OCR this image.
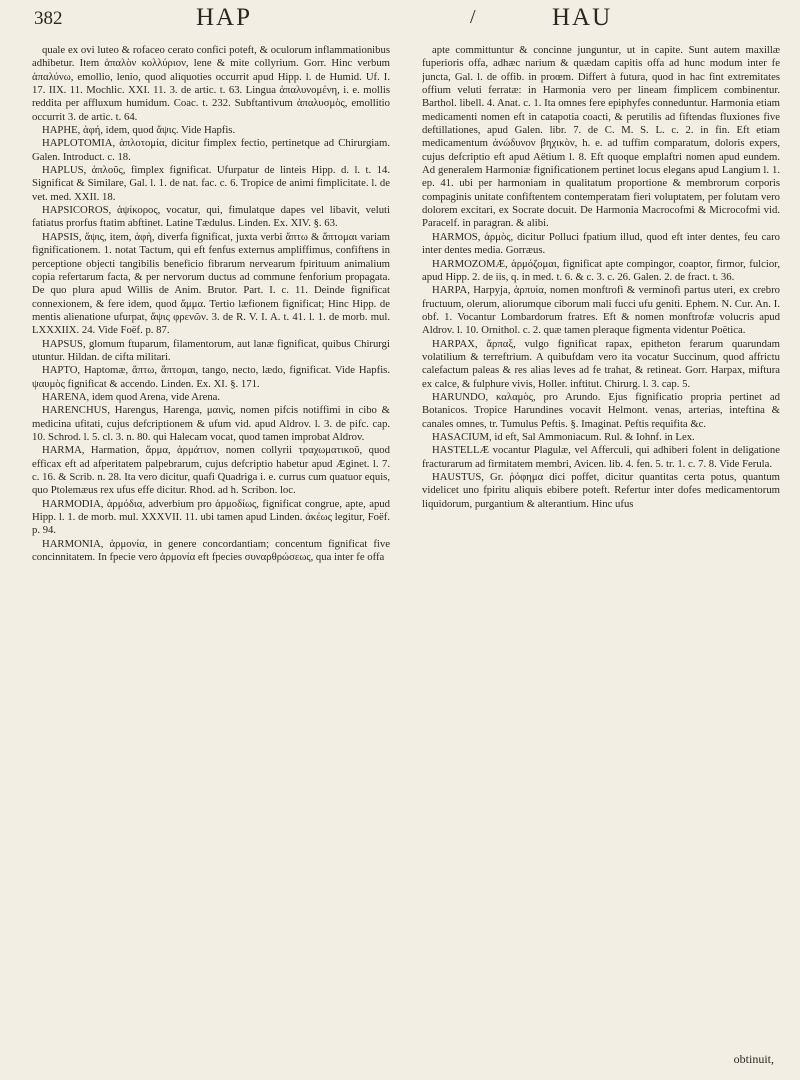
382	HAP	/	HAU

quale ex ovi luteo & rofaceo cerato confici poteft, & oculorum inflammationibus adhibetur. Item ἁπαλὸν κολλύριον, lene & mite collyrium. Gorr. Hinc verbum ἁπαλύνω, emollio, lenio, quod aliquoties occurrit apud Hipp. l. de Humid. Uf. I. 17. IIX. 11. Mochlic. XXI. 11. 3. de artic. t. 63. Lingua ἁπαλυνομένη, i. e. mollis reddita per affluxum humidum. Coac. t. 232. Subftantivum ἁπαλυσμὸς, emollitio occurrit 3. de artic. t. 64.

HAPHE, ἁφή, idem, quod ἅψις. Vide Hapfis.

HAPLOTOMIA, ἁπλοτομία, dicitur fimplex fectio, pertinetque ad Chirurgiam. Galen. Introduct. c. 18.

HAPLUS, ἁπλοῦς, fimplex fignificat. Ufurpatur de linteis Hipp. d. l. t. 14. Significat & Similare, Gal. l. 1. de nat. fac. c. 6. Tropice de animi fimplicitate. l. de vet. med. XXII. 18.

HAPSICOROS, ἁψίκορος, vocatur, qui, fimulatque dapes vel libavit, veluti fatiatus prorfus ftatim abftinet. Latine Tædulus. Linden. Ex. XIV. §. 63.

HAPSIS, ἅψις, item, ἁφὴ, diverfa fignificat, juxta verbi ἅπτω & ἅπτομαι variam fignificationem. 1. notat Tactum, qui eft fenfus externus ampliffimus, confiftens in perceptione objecti tangibilis beneficio fibrarum nervearum fpirituum animalium copia refertarum facta, & per nervorum ductus ad commune fenforium propagata. De quo plura apud Willis de Anim. Brutor. Part. I. c. 11. Deinde fignificat connexionem, & fere idem, quod ἅμμα. Tertio læfionem fignificat; Hinc Hipp. de mentis alienatione ufurpat, ἅψις φρενῶν. 3. de R. V. I. A. t. 41. l. 1. de morb. mul. LXXXIIX. 24. Vide Foëf. p. 87.

HAPSUS, glomum ftuparum, filamentorum, aut lanæ fignificat, quibus Chirurgi utuntur. Hildan. de cifta militari.

HAPTO, Haptomæ, ἅπτω, ἅπτομαι, tango, necto, lædo, fignificat. Vide Hapfis. ψαυμὸς fignificat & accendo. Linden. Ex. XI. §. 171.

HARENA, idem quod Arena, vide Arena.

HARENCHUS, Harengus, Harenga, μαινὶς, nomen pifcis notiffimi in cibo & medicina ufitati, cujus defcriptionem & ufum vid. apud Aldrov. l. 3. de pifc. cap. 10. Schrod. l. 5. cl. 3. n. 80. qui Halecam vocat, quod tamen improbat Aldrov.

HARMA, Harmation, ἅρμα, ἁρμάτιον, nomen collyrii τραχωματικοῦ, quod efficax eft ad afperitatem palpebrarum, cujus defcriptio habetur apud Æginet. l. 7. c. 16. & Scrib. n. 28. Ita vero dicitur, quafi Quadriga i. e. currus cum quatuor equis, quo Ptolemæus rex ufus effe dicitur. Rhod. ad h. Scribon. loc.

HARMODIA, ἁρμόδια, adverbium pro ἁρμοδίως, fignificat congrue, apte, apud Hipp. l. 1. de morb. mul. XXXVII. 11. ubi tamen apud Linden. ἀκέως legitur, Foëf. p. 94.

HARMONIA, ἁρμονία, in genere concordantiam; concentum fignificat five concinnitatem. In fpecie vero ἁρμονία eft fpecies συναρθρώσεως, qua inter fe offa

apte committuntur & concinne junguntur, ut in capite. Sunt autem maxillæ fuperioris offa, adhæc narium & quædam capitis offa ad hunc modum inter fe juncta, Gal. l. de offib. in proœm. Differt à futura, quod in hac fint extremitates offium veluti ferratæ: in Harmonia vero per lineam fimplicem combinentur. Barthol. libell. 4. Anat. c. 1. Ita omnes fere epiphyfes conneduntur. Harmonia etiam medicamenti nomen eft in catapotia coacti, & perutilis ad fiftendas fluxiones five deftillationes, apud Galen. libr. 7. de C. M. S. L. c. 2. in fin. Eft etiam medicamentum ἀνώδυνον βηχικὸν, h. e. ad tuffim comparatum, doloris expers, cujus defcriptio eft apud Aëtium l. 8. Eft quoque emplaftri nomen apud eundem. Ad generalem Harmoniæ fignificationem pertinet locus elegans apud Langium l. 1. ep. 41. ubi per harmoniam in qualitatum proportione & membrorum corporis compaginis unitate confiftentem contemperatam fieri voluptatem, per folutam vero dolorem excitari, ex Socrate docuit. De Harmonia Macrocofmi & Microcofmi vid. Paracelf. in paragran. & alibi.

HARMOS, ἁρμὸς, dicitur Polluci fpatium illud, quod eft inter dentes, feu caro inter dentes media. Gorræus.

HARMOZOMÆ, ἁρμόζομαι, fignificat apte compingor, coaptor, firmor, fulcior, apud Hipp. 2. de iis, q. in med. t. 6. & c. 3. c. 26. Galen. 2. de fract. t. 36.

HARPA, Harpyja, ἁρπυία, nomen monftrofi & verminofi partus uteri, ex crebro fructuum, olerum, aliorumque ciborum mali fucci ufu geniti. Ephem. N. Cur. An. I. obf. 1. Vocantur Lombardorum fratres. Eft & nomen monftrofæ volucris apud Aldrov. l. 10. Ornithol. c. 2. quæ tamen pleraque figmenta videntur Poëtica.

HARPAX, ἅρπαξ, vulgo fignificat rapax, epitheton ferarum quarundam volatilium & terreftrium. A quibufdam vero ita vocatur Succinum, quod affrictu calefactum paleas & res alias leves ad fe trahat, & retineat. Gorr. Harpax, miftura ex calce, & fulphure vivis, Holler. inftitut. Chirurg. l. 3. cap. 5.

HARUNDO, καλαμὸς, pro Arundo. Ejus fignificatio propria pertinet ad Botanicos. Tropice Harundines vocavit Helmont. venas, arterias, inteftina & canales omnes, tr. Tumulus Peftis. §. Imaginat. Peftis requifita &c.

HASACIUM, id eft, Sal Ammoniacum. Rul. & Iohnf. in Lex.

HASTELLÆ vocantur Plagulæ, vel Afferculi, qui adhiberi folent in deligatione fracturarum ad firmitatem membri, Avicen. lib. 4. fen. 5. tr. 1. c. 7. 8. Vide Ferula.

HAUSTUS, Gr. ῥόφημα dici poffet, dicitur quantitas certa potus, quantum videlicet uno fpiritu aliquis ebibere poteft. Refertur inter dofes medicamentorum liquidorum, purgantium & alterantium. Hinc ufus

obtinuit,
